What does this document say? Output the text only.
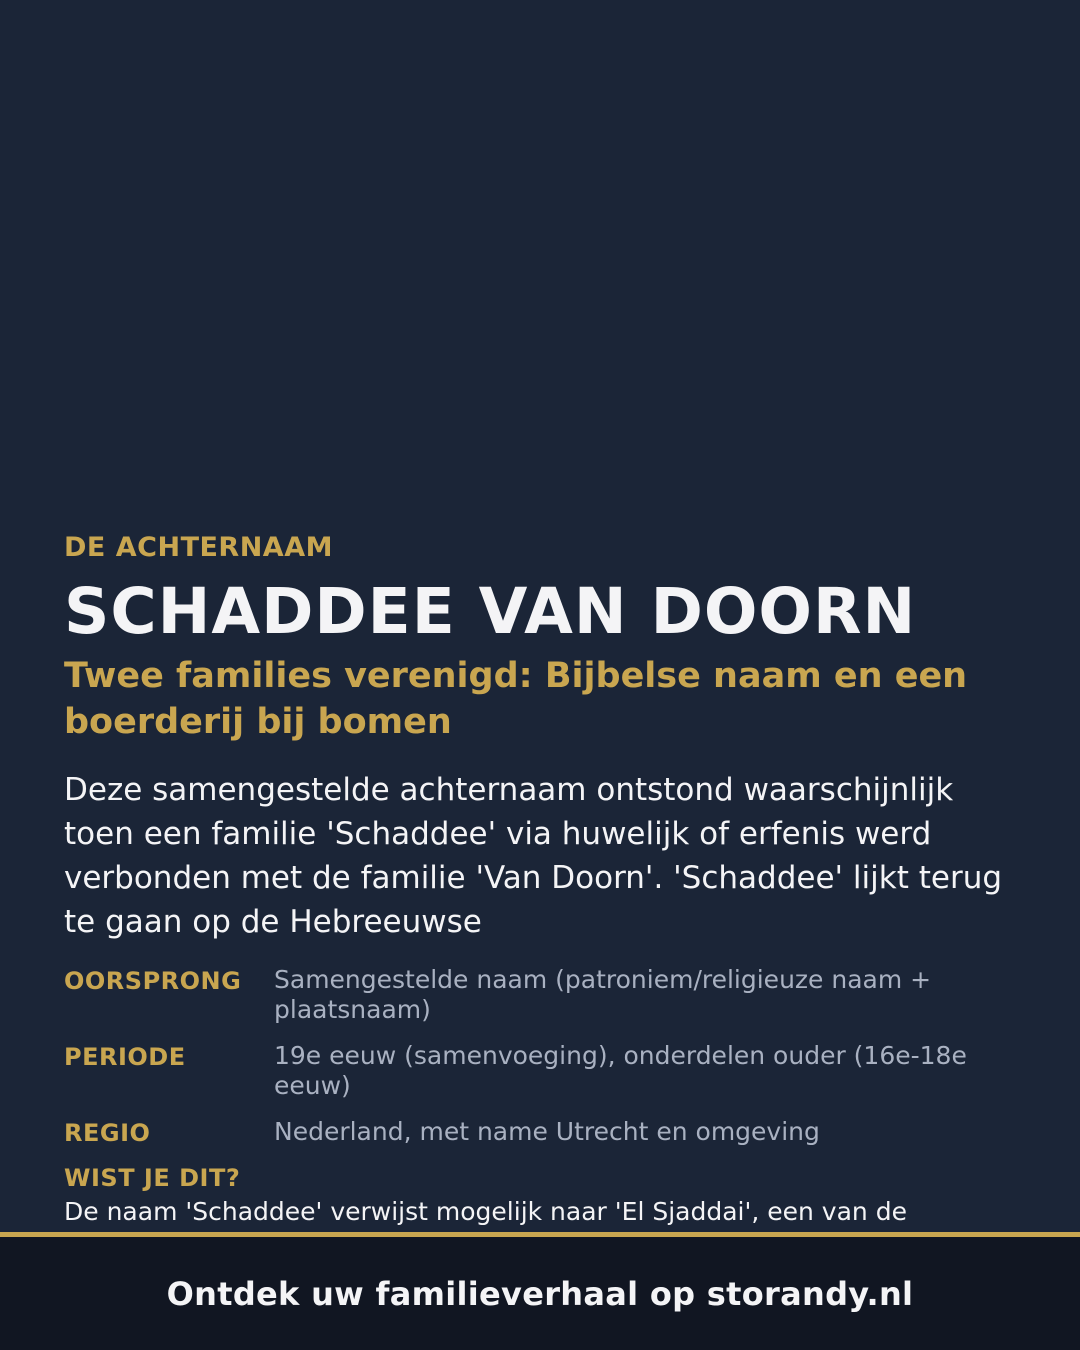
DE ACHTERNAAM
SCHADDEE VAN DOORN
Twee families verenigd: Bijbelse naam en een boerderij bij bomen
Deze samengestelde achternaam ontstond waarschijnlijk toen een familie 'Schaddee' via huwelijk of erfenis werd verbonden met de familie 'Van Doorn'. 'Schaddee' lijkt terug te gaan op de Hebreeuwse
OORSPRONG	Samengestelde naam (patroniem/religieuze naam + plaatsnaam)
PERIODE	19e eeuw (samenvoeging), onderdelen ouder (16e-18e eeuw)
REGIO	Nederland, met name Utrecht en omgeving
WIST JE DIT?
De naam 'Schaddee' verwijst mogelijk naar 'El Sjaddai', een van de
Ontdek uw familieverhaal op storandy.nl
